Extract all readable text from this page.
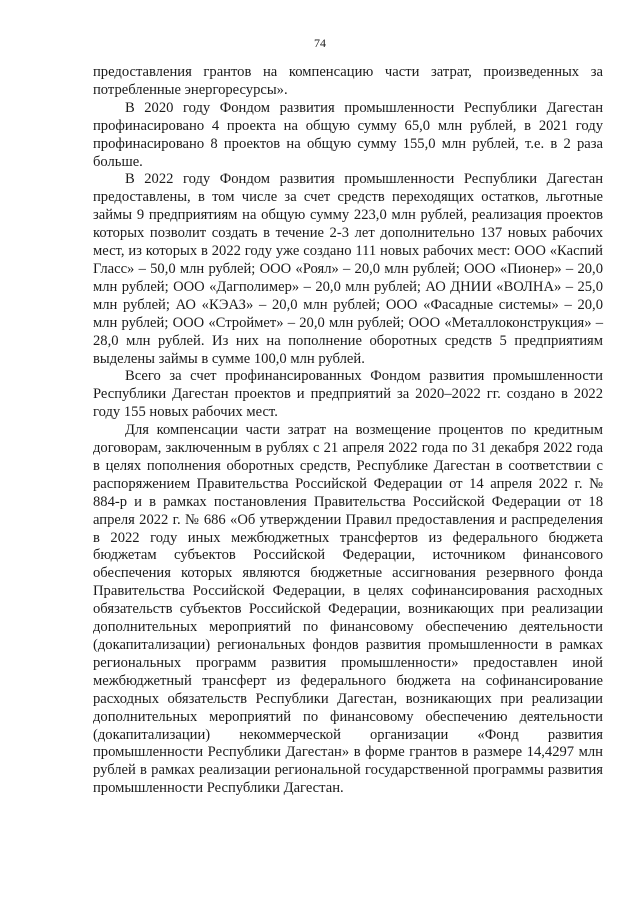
74

предоставления грантов на компенсацию части затрат, произведенных за потребленные энергоресурсы».

В 2020 году Фондом развития промышленности Республики Дагестан профинасировано 4 проекта на общую сумму 65,0 млн рублей, в 2021 году профинасировано 8 проектов на общую сумму 155,0 млн рублей, т.е. в 2 раза больше.

В 2022 году Фондом развития промышленности Республики Дагестан предоставлены, в том числе за счет средств переходящих остатков, льготные займы 9 предприятиям на общую сумму 223,0 млн рублей, реализация проектов которых позволит создать в течение 2-3 лет дополнительно 137 новых рабочих мест, из которых в 2022 году уже создано 111 новых рабочих мест: ООО «Каспий Гласс» – 50,0 млн рублей; ООО «Роял» – 20,0 млн рублей; ООО «Пионер» – 20,0 млн рублей; ООО «Дагполимер» – 20,0 млн рублей; АО ДНИИ «ВОЛНА» – 25,0 млн рублей; АО «КЭАЗ» – 20,0 млн рублей; ООО «Фасадные системы» – 20,0 млн рублей; ООО «Строймет» – 20,0 млн рублей; ООО «Металлоконструкция» – 28,0 млн рублей. Из них на пополнение оборотных средств 5 предприятиям выделены займы в сумме 100,0 млн рублей.

Всего за счет профинансированных Фондом развития промышленности Республики Дагестан проектов и предприятий за 2020–2022 гг. создано в 2022 году 155 новых рабочих мест.

Для компенсации части затрат на возмещение процентов по кредитным договорам, заключенным в рублях с 21 апреля 2022 года по 31 декабря 2022 года в целях пополнения оборотных средств, Республике Дагестан в соответствии с распоряжением Правительства Российской Федерации от 14 апреля 2022 г. № 884-р и в рамках постановления Правительства Российской Федерации от 18 апреля 2022 г. № 686 «Об утверждении Правил предоставления и распределения в 2022 году иных межбюджетных трансфертов из федерального бюджета бюджетам субъектов Российской Федерации, источником финансового обеспечения которых являются бюджетные ассигнования резервного фонда Правительства Российской Федерации, в целях софинансирования расходных обязательств субъектов Российской Федерации, возникающих при реализации дополнительных мероприятий по финансовому обеспечению деятельности (докапитализации) региональных фондов развития промышленности в рамках региональных программ развития промышленности» предоставлен иной межбюджетный трансферт из федерального бюджета на софинансирование расходных обязательств Республики Дагестан, возникающих при реализации дополнительных мероприятий по финансовому обеспечению деятельности (докапитализации) некоммерческой организации «Фонд развития промышленности Республики Дагестан» в форме грантов в размере 14,4297 млн рублей в рамках реализации региональной государственной программы развития промышленности Республики Дагестан.
